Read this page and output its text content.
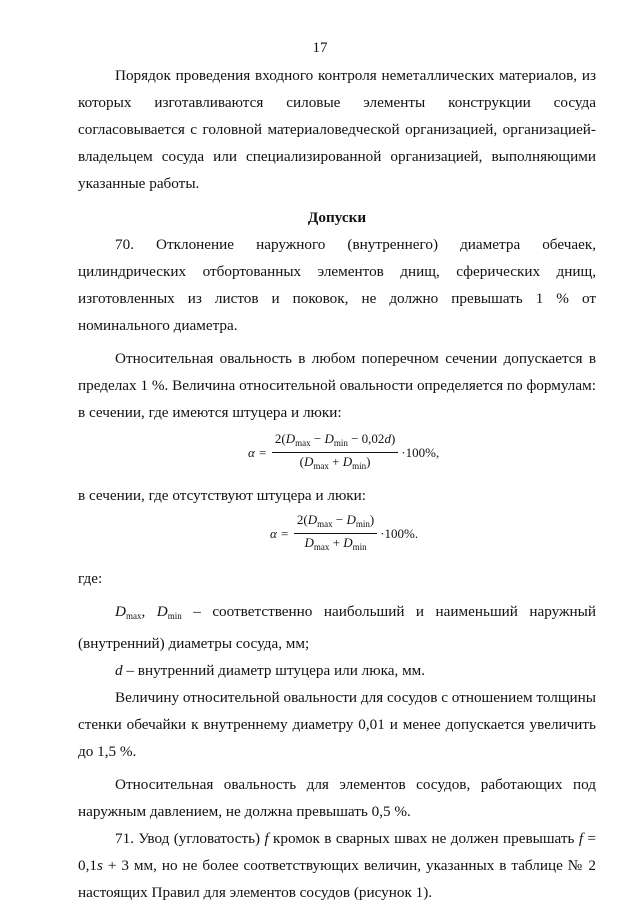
17

Порядок проведения входного контроля неметаллических материалов, из которых изготавливаются силовые элементы конструкции сосуда согласовывается с головной материаловедческой организацией, организацией-владельцем сосуда или специализированной организацией, выполняющими указанные работы.

Допуски

70. Отклонение наружного (внутреннего) диаметра обечаек, цилиндрических отбортованных элементов днищ, сферических днищ, изготовленных из листов и поковок, не должно превышать 1 % от номинального диаметра.

Относительная овальность в любом поперечном сечении допускается в пределах 1 %. Величина относительной овальности определяется по формулам:

в сечении, где имеются штуцера и люки:

$\alpha = \frac{2(D_{max} - D_{min} - 0,02d)}{(D_{max} + D_{min})} \cdot 100\%$,

в сечении, где отсутствуют штуцера и люки:

$\alpha = \frac{2(D_{max} - D_{min})}{D_{max} + D_{min}} \cdot 100\%$.

где:

$D_{max}$, $D_{min}$ – соответственно наибольший и наименьший наружный (внутренний) диаметры сосуда, мм;

d – внутренний диаметр штуцера или люка, мм.

Величину относительной овальности для сосудов с отношением толщины стенки обечайки к внутреннему диаметру 0,01 и менее допускается увеличить до 1,5 %.

Относительная овальность для элементов сосудов, работающих под наружным давлением, не должна превышать 0,5 %.

71. Увод (угловатость) f кромок в сварных швах не должен превышать f = 0,1s + 3 мм, но не более соответствующих величин, указанных в таблице № 2 настоящих Правил для элементов сосудов (рисунок 1).
